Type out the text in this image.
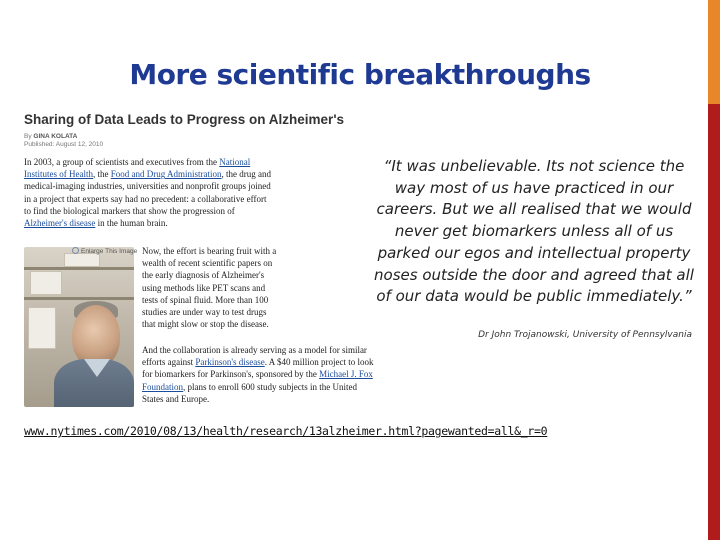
More scientific breakthroughs
Sharing of Data Leads to Progress on Alzheimer's
By GINA KOLATA
Published: August 12, 2010
In 2003, a group of scientists and executives from the National Institutes of Health, the Food and Drug Administration, the drug and medical-imaging industries, universities and nonprofit groups joined in a project that experts say had no precedent: a collaborative effort to find the biological markers that show the progression of Alzheimer's disease in the human brain.
Enlarge This Image Now, the effort is bearing fruit with a wealth of recent scientific papers on the early diagnosis of Alzheimer's using methods like PET scans and tests of spinal fluid. More than 100 studies are under way to test drugs that might slow or stop the disease.
And the collaboration is already serving as a model for similar efforts against Parkinson's disease. A $40 million project to look for biomarkers for Parkinson's, sponsored by the Michael J. Fox Foundation, plans to enroll 600 study subjects in the United States and Europe.
“It was unbelievable. Its not science the way most of us have practiced in our careers. But we all realised that we would never get biomarkers unless all of us parked our egos and intellectual property noses outside the door and agreed that all of our data would be public immediately.”
Dr John Trojanowski, University of Pennsylvania
www.nytimes.com/2010/08/13/health/research/13alzheimer.html?pagewanted=all&_r=0
